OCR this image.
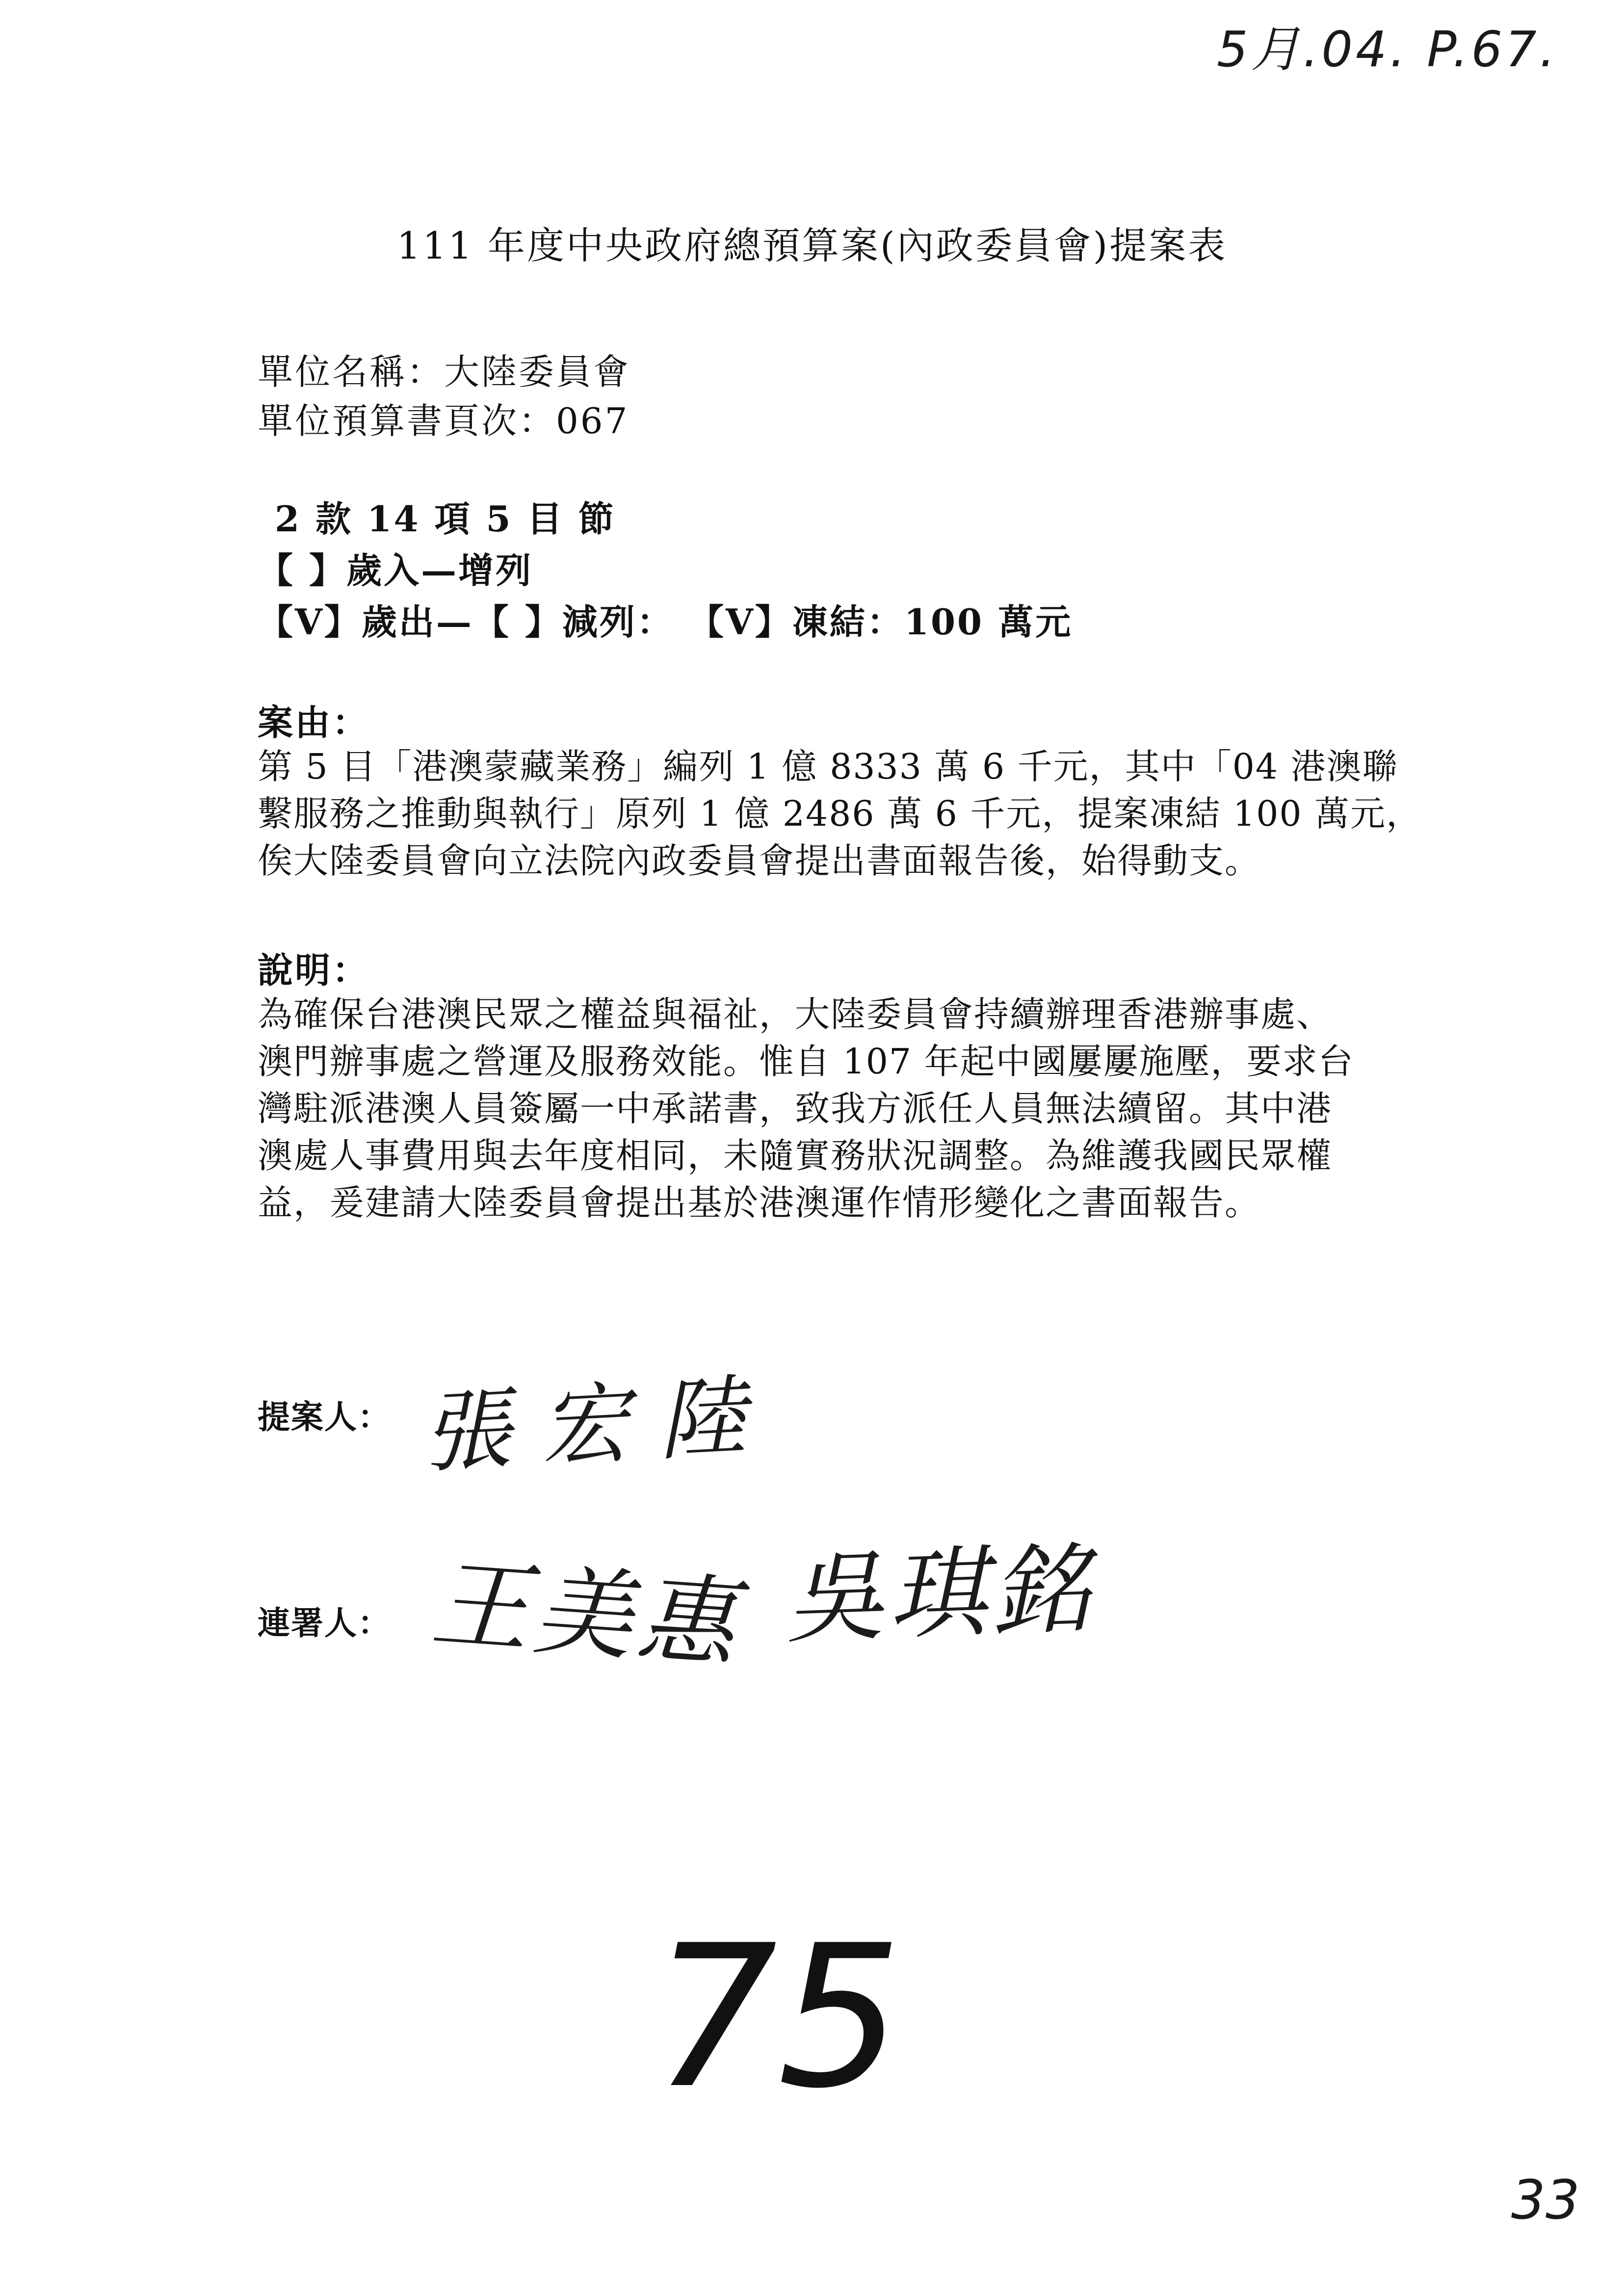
5月.04. P.67.
111 年度中央政府總預算案(內政委員會)提案表
單位名稱：大陸委員會
單位預算書頁次：067
2 款 14 項 5 目 節
【 】歲入—增列
【V】歲出—【 】減列： 【V】凍結：100 萬元
案由：
第 5 目「港澳蒙藏業務」編列 1 億 8333 萬 6 千元，其中「04 港澳聯
繫服務之推動與執行」原列 1 億 2486 萬 6 千元，提案凍結 100 萬元，
俟大陸委員會向立法院內政委員會提出書面報告後，始得動支。
說明：
為確保台港澳民眾之權益與福祉，大陸委員會持續辦理香港辦事處、
澳門辦事處之營運及服務效能。惟自 107 年起中國屢屢施壓，要求台
灣駐派港澳人員簽屬一中承諾書，致我方派任人員無法續留。其中港
澳處人事費用與去年度相同，未隨實務狀況調整。為維護我國民眾權
益，爰建請大陸委員會提出基於港澳運作情形變化之書面報告。
提案人： 張宏陸
連署人： 王美惠 吳琪銘
75
33
